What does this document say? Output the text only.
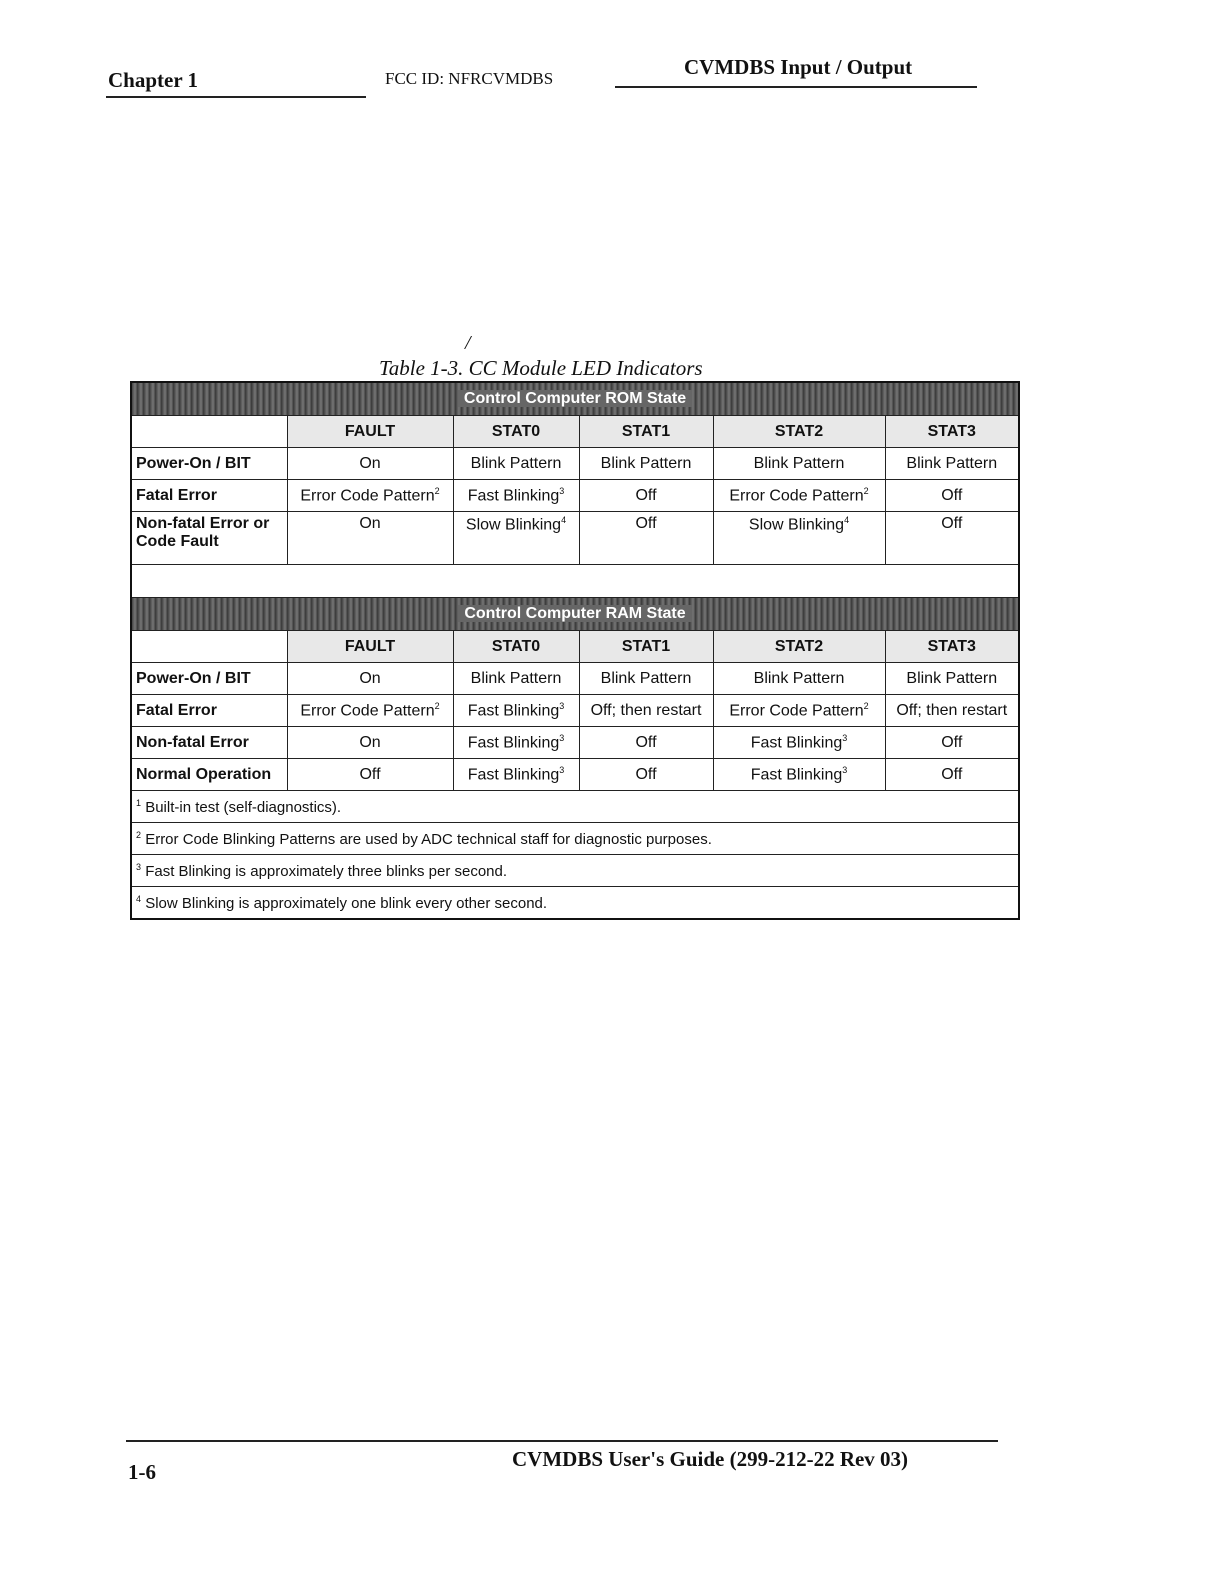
Chapter 1	FCC ID: NFRCVMDBS	CVMDBS Input / Output
/
Table 1-3. CC Module LED Indicators
Control Computer ROM State					
	FAULT	STAT0	STAT1	STAT2	STAT3
Power-On / BIT	On	Blink Pattern	Blink Pattern	Blink Pattern	Blink Pattern
Fatal Error	Error Code Pattern$^2$	Fast Blinking$^3$	Off	Error Code Pattern$^2$	Off
Non-fatal Error or Code Fault	On	Slow Blinking$^4$	Off	Slow Blinking$^4$	Off

Control Computer RAM State					
	FAULT	STAT0	STAT1	STAT2	STAT3
Power-On / BIT	On	Blink Pattern	Blink Pattern	Blink Pattern	Blink Pattern
Fatal Error	Error Code Pattern$^2$	Fast Blinking$^3$	Off; then restart	Error Code Pattern$^2$	Off; then restart
Non-fatal Error	On	Fast Blinking$^3$	Off	Fast Blinking$^3$	Off
Normal Operation	Off	Fast Blinking$^3$	Off	Fast Blinking$^3$	Off
$^1$ Built-in test (self-diagnostics).					
$^2$ Error Code Blinking Patterns are used by ADC technical staff for diagnostic purposes.					
$^3$ Fast Blinking is approximately three blinks per second.					
$^4$ Slow Blinking is approximately one blink every other second.					
1-6
CVMDBS User's Guide (299-212-22 Rev 03)
